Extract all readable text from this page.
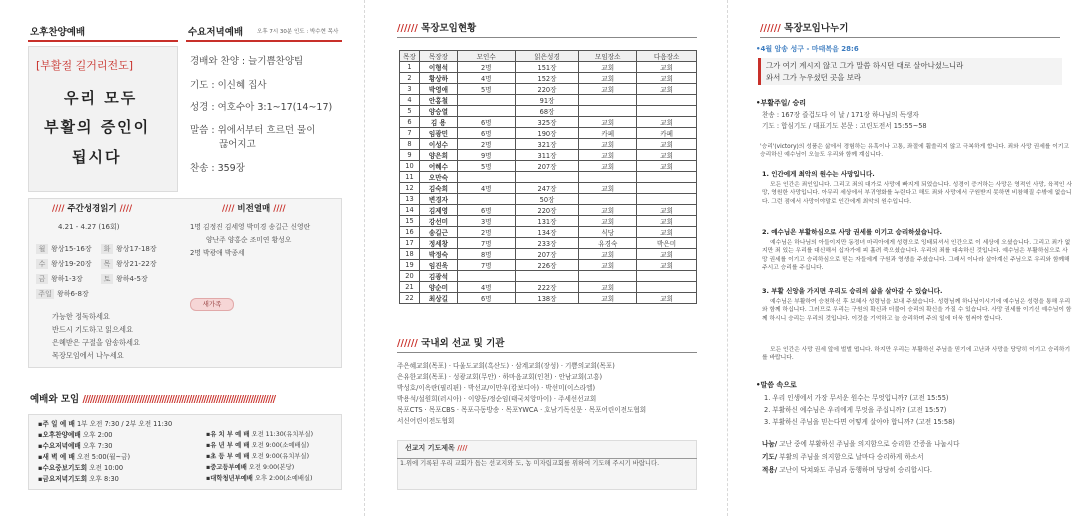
오후찬양예배	수요저녁예배	오후 7시 30분 인도 : 박수현 목사
[부활절 길거리전도]
우리 모두
부활의 증인이
됩시다
경배와 찬양 : 늘기쁨찬양팀
기도 : 이신혜 집사
성경 : 여호수아 3:1~17(14~17)
말씀 : 위에서부터 흐르던 물이
끊어지고
찬송 : 359장
//// 주간성경읽기 ////
4.21 - 4.27 (16회)
월 왕상15-16장 화 왕상17-18장
수 왕상19-20장 목 왕상21-22장
금 왕하1-3장	토 왕하4-5장
주일 왕하6-8장
//// 비전열매 ////
1명 김정진 김세영 박미경 송길근 신영란
양난주 양홍순 조미연 황성오
2명 박광애 박종세
새가족
가능한 정독하세요
반드시 기도하고 읽으세요
은혜받은 구절을 암송하세요
목장모임에서 나누세요
예배와 모임 //////////////////////////////////////////////////////////////////////////////
▪주 일 예 배 1부 오전 7:30 / 2부 오전 11:30
▪오후찬양예배 오후 2:00
▪수요저녁예배 오후 7:30
▪새 벽 예 배 오전 5:00(월~금)
▪수요중보기도회 오전 10:00
▪금요저녁기도회 오후 8:30
▪유 치 부 예 배 오전 11:30(유치부실)
▪유 년 부 예 배 오전 9:00(소예배실)
▪초 등 부 예 배 오전 9:00(유치부실)
▪중고등부예배 오전 9:00(본당)
▪대학청년부예배 오후 2:00(소예배실)
////// 목장모임현황
목장	목장장	모인수	읽은성경	모임장소	다음장소
1	이형석	2명	151장	교회	교회
2	황상하	4명	152장	교회	교회
3	박영애	5명	220장	교회	교회
4	안홍철		91장		
5	양승열		68장		
6	김 용	6명	325장	교회	교회
7	임광민	6명	190장	카페	카페
8	이성수	2명	321장	교회	교회
9	양은희	9명	311장	교회	교회
10	어혜수	5명	207장	교회	교회
11	오만숙				
12	김숙희	4명	247장	교회	
13	변경자		50장		
14	김제영	6명	220장	교회	교회
15	강선미	3명	131장	교회	교회
16	송길근	2명	134장	식당	교회
17	정세창	7명	233장	유경숙	박은미
18	박정숙	8명	207장	교회	교회
19	임진욱	7명	226장	교회	교회
20	김광석				
21	양순미	4명	222장	교회	
22	최상길	6명	138장	교회	교회
////// 국내외 선교 및 기관
주은혜교회(목포) · 다울도교회(흑산도) · 삼계교회(장성) · 기쁨의교회(목포)
은유한교회(목포) · 성광교회(무안) · 하마음교회(인천) · 안남교회(고흥)
박성호/이옥란(필리핀) · 박선교/이만우(캄보디아) · 박선미(이스라엘)
박용석/설원희(러시아) · 이양동/정순임(태국치앙마이) · 주세선선교회
목포CTS · 목포CBS · 목포극동방송 · 목포YWCA · 호남기독신문 · 목포어린이전도협회
서신어린이전도협회
선교지 기도제목 ////
1.위에 기록된 우리 교회가 돕는 선교지와 도, 농 미자립교회를 위하여 기도해 주시기 바랍니다.
////// 목장모임나누기
•4월 암송 성구 - 마태복음 28:6
그가 여기 계시지 않고 그가 말씀 하시던 대로 살아나셨느니라
와서 그가 누우셨던 곳을 보라
•부활주일/ 승리
찬송 : 167장 즐겁도다 이 날 / 171장 하나님의 독생자
기도 : 합심기도 / 대표기도 본문 : 고린도전서 15:55~58
'승리'(victory)의 성품은 삶에서 경험하는 유혹이나 고통, 좌절에 휩쓸리지 않고 극복하게 합니다. 죄와 사망 권세를 이기고 승리하신 예수님이 오늘도 우리와 함께 계십니다.
1. 인간에게 최악의 원수는 사망입니다.
모든 인간은 죄인입니다. 그리고 죄의 대가로 사망에 빠지게 되었습니다. 성경이 증거하는 사망은 영적인 사망, 육적인 사망, 영원한 사망입니다. 아무리 세상에서 부귀영화를 누린다고 해도 죄와 사망에서 구원받지 못하면 비참해질 수밖에 없습니다. 그런 점에서 사망이야말로 인간에게 최악의 원수입니다.
2. 예수님은 부활하심으로 사망 권세를 이기고 승리하셨습니다.
예수님은 하나님의 아들이지만 동정녀 마리아에게 성령으로 잉태되셔서 인간으로 이 세상에 오셨습니다. 그리고 죄가 없지만 죄 있는 우리를 대신해서 십자가에 피 흘려 죽으셨습니다. 우리의 죄를 대속하신 것입니다. 예수님은 부활하심으로 사망 권세를 이기고 승리하심으로 믿는 자들에게 구원과 영생을 주셨습니다. 그래서 이나라 살아계신 주님으로 우리와 함께해 주시고 승리를 주십니다.
3. 부활 신앙을 가지면 우리도 승리의 삶을 살아갈 수 있습니다.
예수님은 부활하여 승천하신 후 보혜사 성령님을 보내 주셨습니다. 성령님께 하나님이시기에 예수님은 성령을 통해 우리와 함께 하십니다. 그러므로 우리는 구원의 확신과 더불어 승리의 확신을 가질 수 있습니다. 사망 권세를 이기신 예수님이 함께 하시니 승리는 우리의 것입니다. 이것을 기억하고 늘 승리하며 주의 일에 더욱 힘써야 합니다.
모든 인간은 사망 권세 앞에 벌벌 떱니다. 하지만 우리는 부활하신 주님을 믿기에 고난과 사망을 당당히 이기고 승리하기를 바랍니다.
•말씀 속으로
1. 우리 인생에서 가장 무서운 원수는 무엇입니까? (고전 15:55)
2. 부활하신 예수님은 우리에게 무엇을 주십니까? (고전 15:57)
3. 부활하신 주님을 믿는다면 어떻게 살아야 합니까? (고전 15:58)
나눔/ 고난 중에 부활하신 주님을 의지함으로 승리한 간증을 나눕시다
기도/ 부활의 주님을 의지함으로 날마다 승리하게 하소서
적용/ 고난이 닥쳐와도 주님과 동행하며 당당히 승리합시다.
